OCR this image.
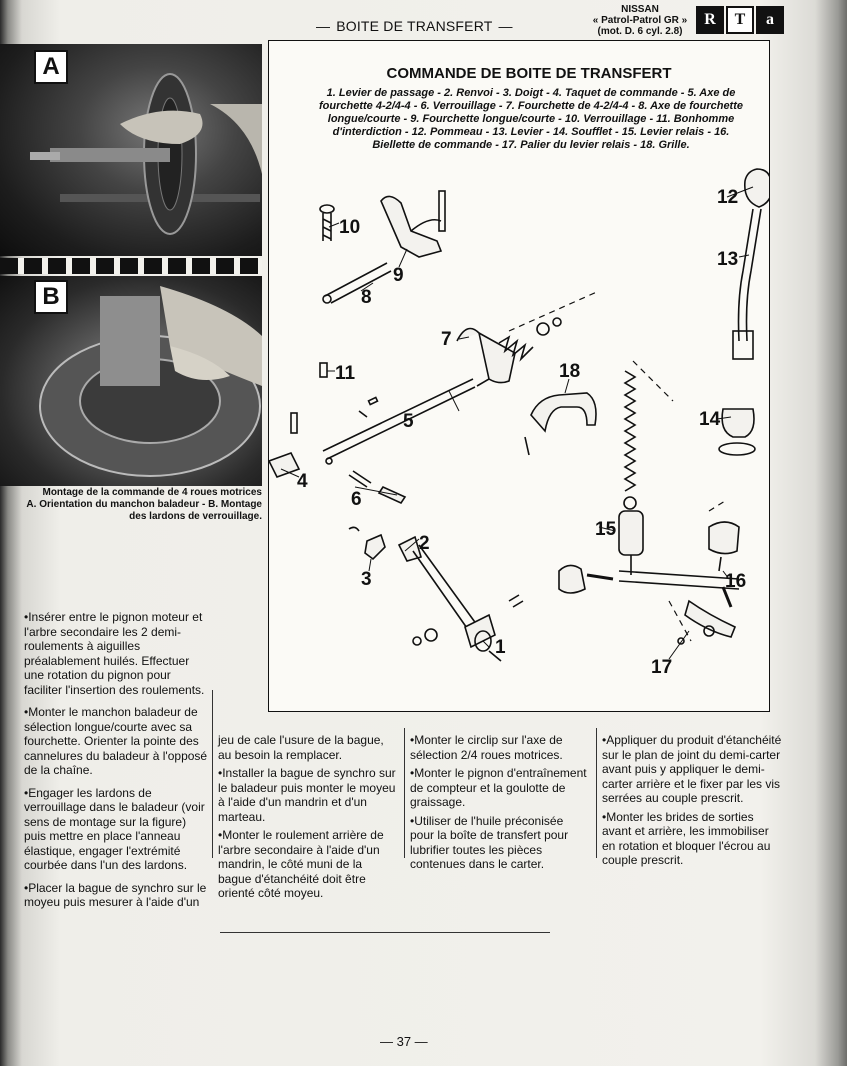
— BOITE DE TRANSFERT —
NISSAN
« Patrol-Patrol GR »
(mot. D. 6 cyl. 2.8)
R	T	a
A
B
Montage de la commande de 4 roues motrices
A. Orientation du manchon baladeur - B. Montage
des lardons de verrouillage.
COMMANDE DE BOITE DE TRANSFERT
1. Levier de passage - 2. Renvoi - 3. Doigt - 4. Taquet de commande - 5. Axe de fourchette 4-2/4-4 - 6. Verrouillage - 7. Fourchette de 4-2/4-4 - 8. Axe de fourchette longue/courte - 9. Fourchette longue/courte - 10. Verrouillage - 11. Bonhomme d'interdiction - 12. Pommeau - 13. Levier - 14. Soufflet - 15. Levier relais - 16. Biellette de commande - 17. Palier du levier relais - 18. Grille.
1
2
3
4
5
6
7
8
9
10
11
12
13
14
15
16
17
18

• Insérer entre le pignon moteur et l'arbre secondaire les 2 demi-roulements à aiguilles préalablement huilés. Effectuer une rotation du pignon pour faciliter l'insertion des roulements.

• Monter le manchon baladeur de sélection longue/courte avec sa fourchette. Orienter la pointe des cannelures du baladeur à l'opposé de la chaîne.

• Engager les lardons de verrouillage dans le baladeur (voir sens de montage sur la figure) puis mettre en place l'anneau élastique, engager l'extrémité courbée dans l'un des lardons.

• Placer la bague de synchro sur le moyeu puis mesurer à l'aide d'un

jeu de cale l'usure de la bague, au besoin la remplacer.

• Installer la bague de synchro sur le baladeur puis monter le moyeu à l'aide d'un mandrin et d'un marteau.

• Monter le roulement arrière de l'arbre secondaire à l'aide d'un mandrin, le côté muni de la bague d'étanchéité doit être orienté côté moyeu.

• Monter le circlip sur l'axe de sélection 2/4 roues motrices.

• Monter le pignon d'entraînement de compteur et la goulotte de graissage.

• Utiliser de l'huile préconisée pour la boîte de transfert pour lubrifier toutes les pièces contenues dans le carter.

• Appliquer du produit d'étanchéité sur le plan de joint du demi-carter avant puis y appliquer le demi-carter arrière et le fixer par les vis serrées au couple prescrit.

• Monter les brides de sorties avant et arrière, les immobiliser en rotation et bloquer l'écrou au couple prescrit.

— 37 —
